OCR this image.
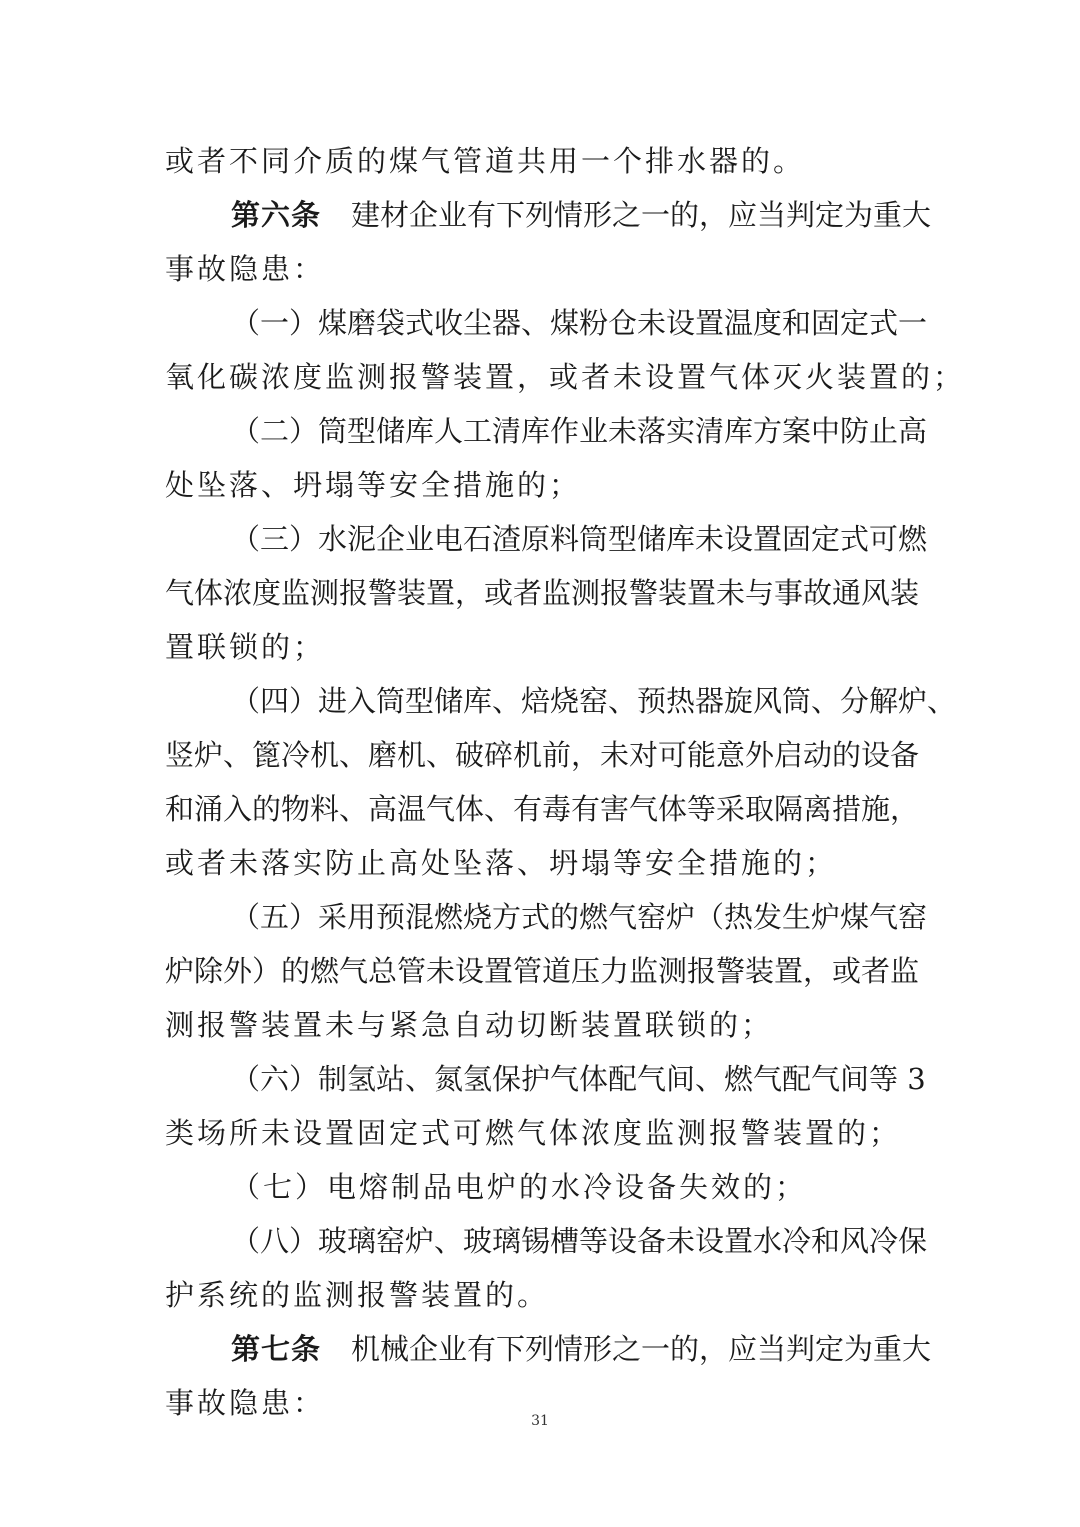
或者不同介质的煤气管道共用一个排水器的。
第六条 建材企业有下列情形之一的，应当判定为重大
事故隐患：
（一）煤磨袋式收尘器、煤粉仓未设置温度和固定式一
氧化碳浓度监测报警装置，或者未设置气体灭火装置的；
（二）筒型储库人工清库作业未落实清库方案中防止高
处坠落、坍塌等安全措施的；
（三）水泥企业电石渣原料筒型储库未设置固定式可燃
气体浓度监测报警装置，或者监测报警装置未与事故通风装
置联锁的；
（四）进入筒型储库、焙烧窑、预热器旋风筒、分解炉、
竖炉、篦冷机、磨机、破碎机前，未对可能意外启动的设备
和涌入的物料、高温气体、有毒有害气体等采取隔离措施，
或者未落实防止高处坠落、坍塌等安全措施的；
（五）采用预混燃烧方式的燃气窑炉（热发生炉煤气窑
炉除外）的燃气总管未设置管道压力监测报警装置，或者监
测报警装置未与紧急自动切断装置联锁的；
（六）制氢站、氮氢保护气体配气间、燃气配气间等 3
类场所未设置固定式可燃气体浓度监测报警装置的；
（七）电熔制品电炉的水冷设备失效的；
（八）玻璃窑炉、玻璃锡槽等设备未设置水冷和风冷保
护系统的监测报警装置的。
第七条 机械企业有下列情形之一的，应当判定为重大
事故隐患：
31
